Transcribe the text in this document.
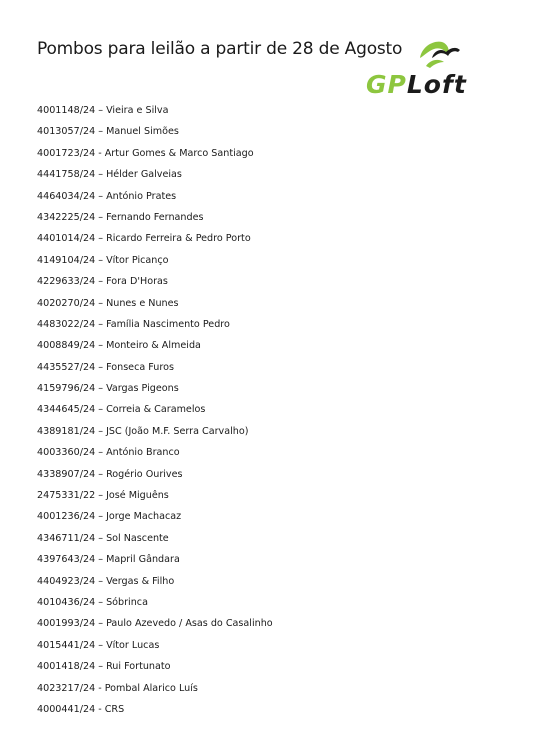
Pombos para leilão a partir de 28 de Agosto
GPLoft
4001148/24 – Vieira e Silva
4013057/24 – Manuel Simões
4001723/24 - Artur Gomes & Marco Santiago
4441758/24 – Hélder Galveias
4464034/24 – António Prates
4342225/24 – Fernando Fernandes
4401014/24 – Ricardo Ferreira & Pedro Porto
4149104/24 – Vítor Picanço
4229633/24 – Fora D'Horas
4020270/24 – Nunes e Nunes
4483022/24 – Família Nascimento Pedro
4008849/24 – Monteiro & Almeida
4435527/24 – Fonseca Furos
4159796/24 – Vargas Pigeons
4344645/24 – Correia & Caramelos
4389181/24 – JSC (João M.F. Serra Carvalho)
4003360/24 – António Branco
4338907/24 – Rogério Ourives
2475331/22 – José Miguêns
4001236/24 – Jorge Machacaz
4346711/24 – Sol Nascente
4397643/24 – Mapril Gândara
4404923/24 – Vergas & Filho
4010436/24 – Sóbrinca
4001993/24 – Paulo Azevedo / Asas do Casalinho
4015441/24 – Vítor Lucas
4001418/24 – Rui Fortunato
4023217/24 - Pombal Alarico Luís
4000441/24 - CRS
